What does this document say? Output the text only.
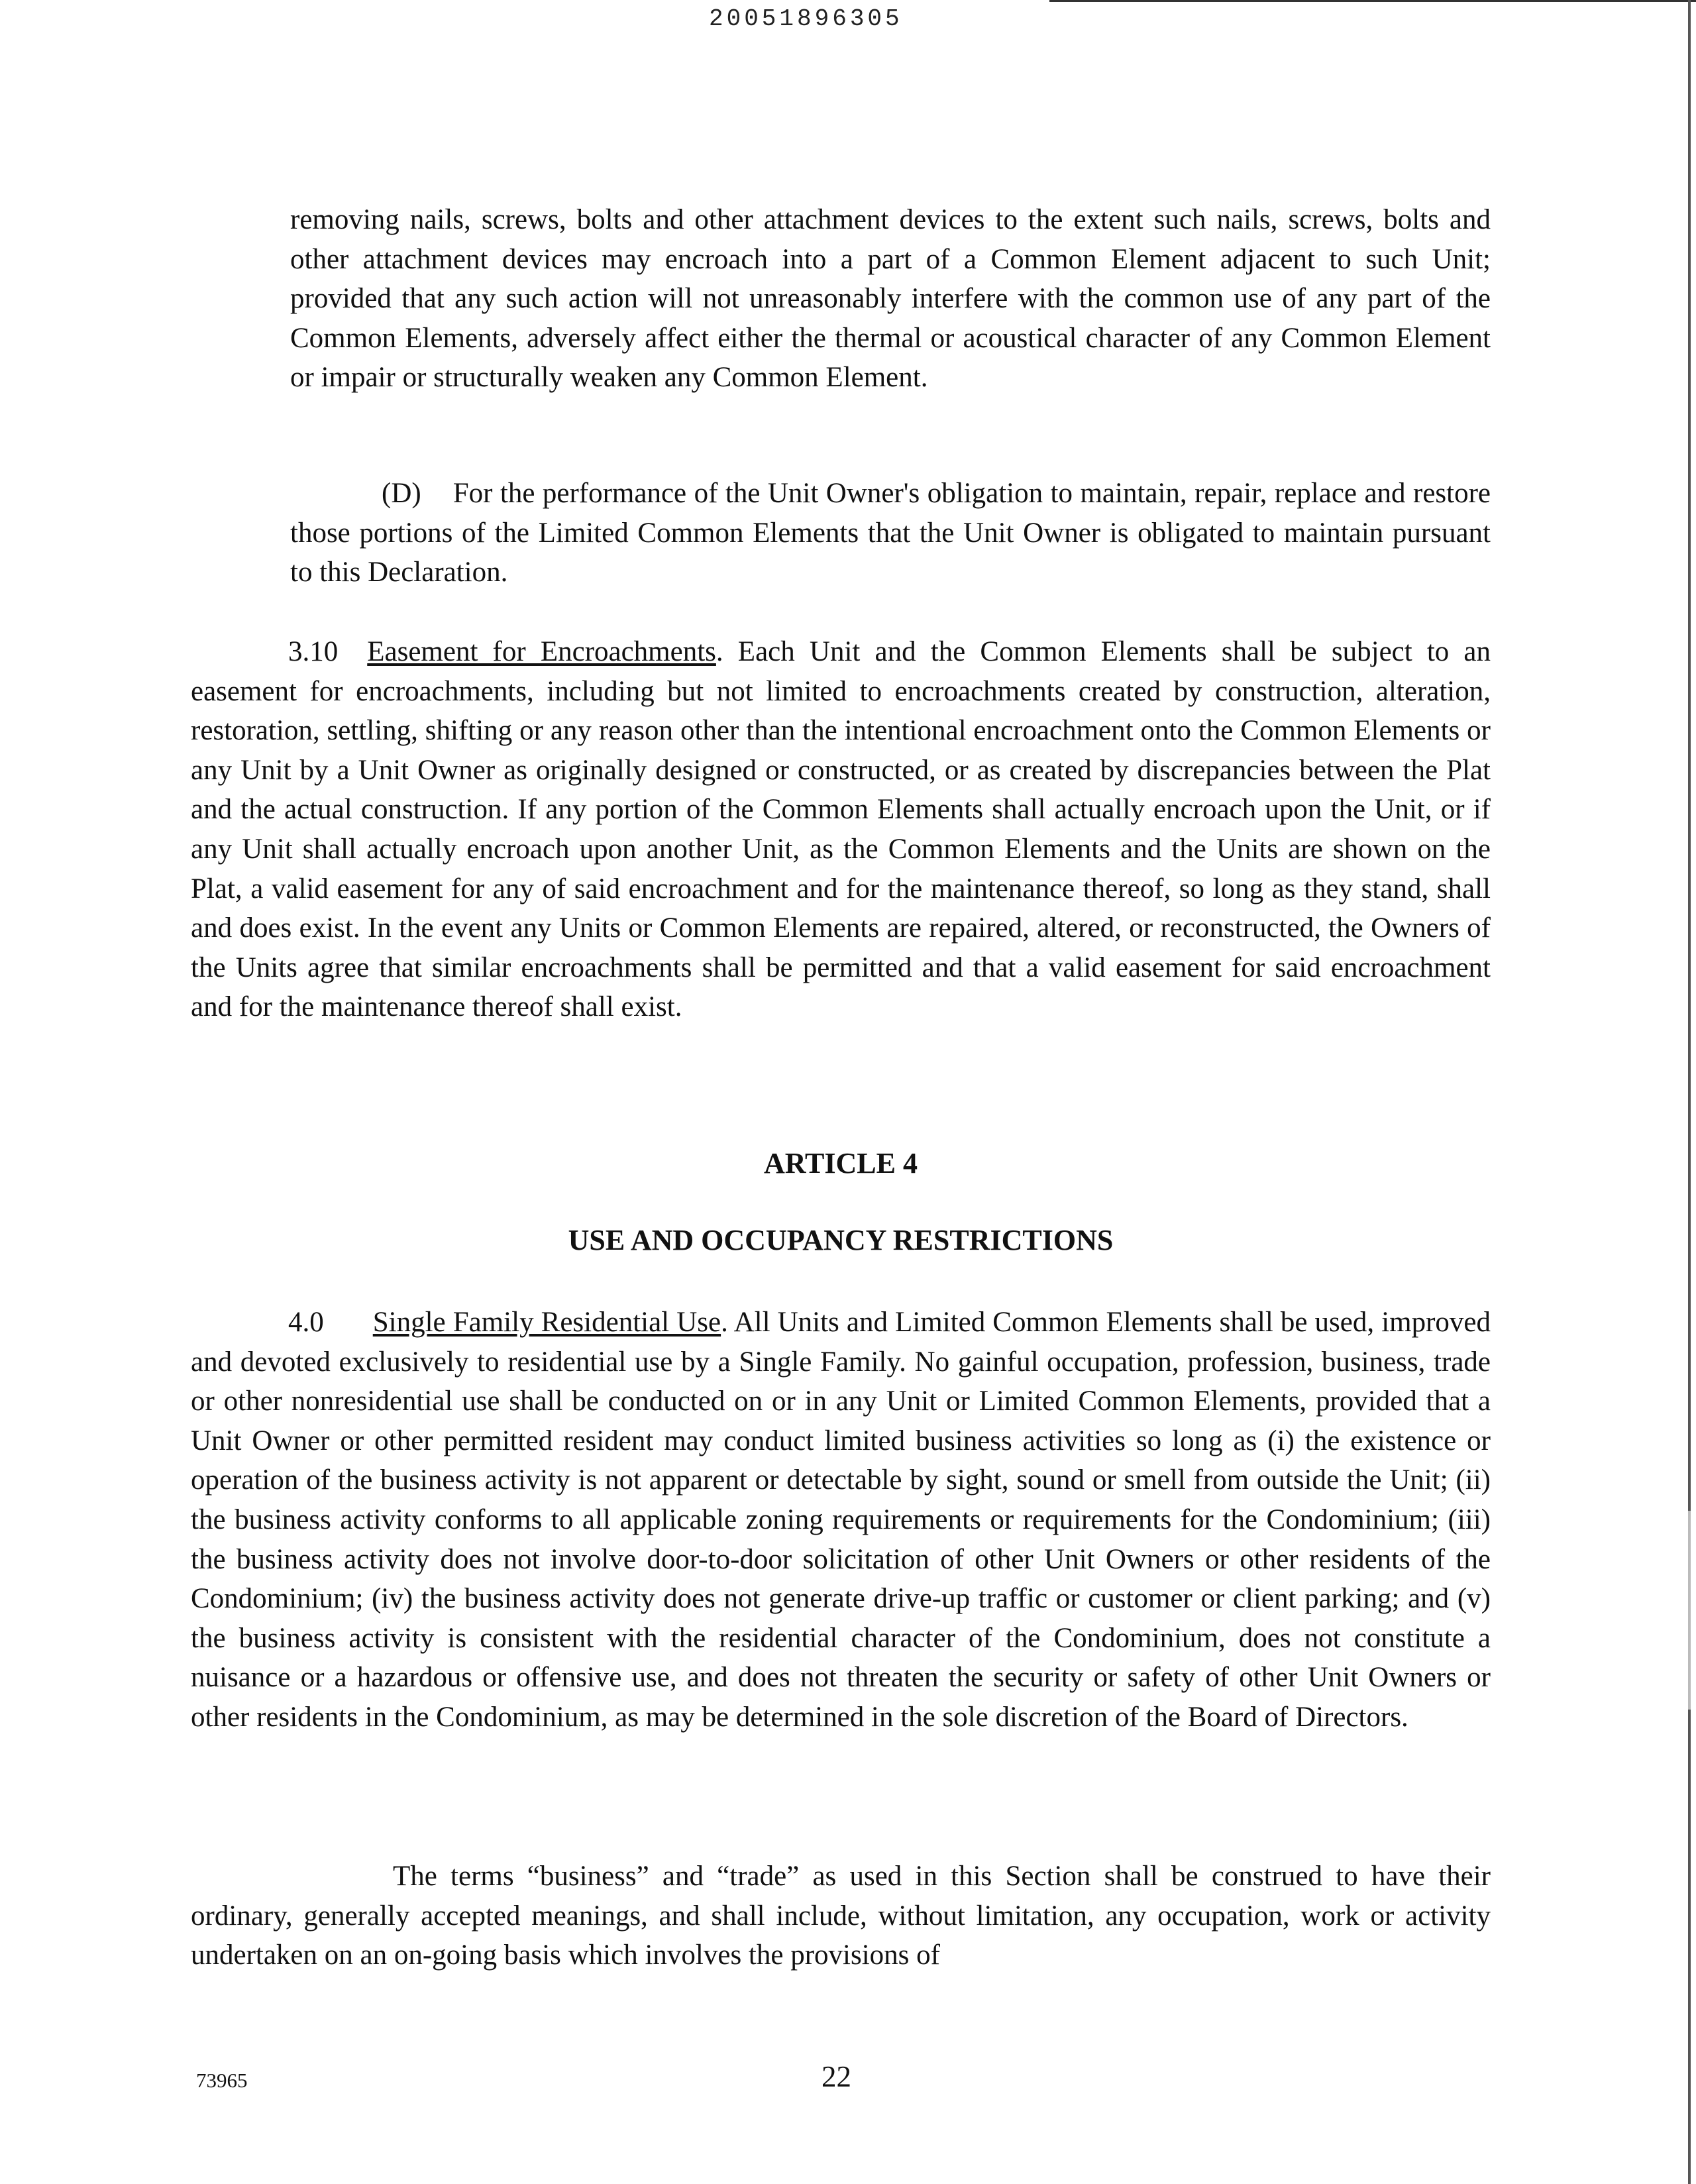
20051896305
removing nails, screws, bolts and other attachment devices to the extent such nails, screws, bolts and other attachment devices may encroach into a part of a Common Element adjacent to such Unit; provided that any such action will not unreasonably interfere with the common use of any part of the Common Elements, adversely affect either the thermal or acoustical character of any Common Element or impair or structurally weaken any Common Element.
(D) For the performance of the Unit Owner's obligation to maintain, repair, replace and restore those portions of the Limited Common Elements that the Unit Owner is obligated to maintain pursuant to this Declaration.
3.10 Easement for Encroachments. Each Unit and the Common Elements shall be subject to an easement for encroachments, including but not limited to encroachments created by construction, alteration, restoration, settling, shifting or any reason other than the intentional encroachment onto the Common Elements or any Unit by a Unit Owner as originally designed or constructed, or as created by discrepancies between the Plat and the actual construction. If any portion of the Common Elements shall actually encroach upon the Unit, or if any Unit shall actually encroach upon another Unit, as the Common Elements and the Units are shown on the Plat, a valid easement for any of said encroachment and for the maintenance thereof, so long as they stand, shall and does exist. In the event any Units or Common Elements are repaired, altered, or reconstructed, the Owners of the Units agree that similar encroachments shall be permitted and that a valid easement for said encroachment and for the maintenance thereof shall exist.
ARTICLE 4
USE AND OCCUPANCY RESTRICTIONS
4.0 Single Family Residential Use. All Units and Limited Common Elements shall be used, improved and devoted exclusively to residential use by a Single Family. No gainful occupation, profession, business, trade or other nonresidential use shall be conducted on or in any Unit or Limited Common Elements, provided that a Unit Owner or other permitted resident may conduct limited business activities so long as (i) the existence or operation of the business activity is not apparent or detectable by sight, sound or smell from outside the Unit; (ii) the business activity conforms to all applicable zoning requirements or requirements for the Condominium; (iii) the business activity does not involve door-to-door solicitation of other Unit Owners or other residents of the Condominium; (iv) the business activity does not generate drive-up traffic or customer or client parking; and (v) the business activity is consistent with the residential character of the Condominium, does not constitute a nuisance or a hazardous or offensive use, and does not threaten the security or safety of other Unit Owners or other residents in the Condominium, as may be determined in the sole discretion of the Board of Directors.
The terms “business” and “trade” as used in this Section shall be construed to have their ordinary, generally accepted meanings, and shall include, without limitation, any occupation, work or activity undertaken on an on-going basis which involves the provisions of
73965	22
